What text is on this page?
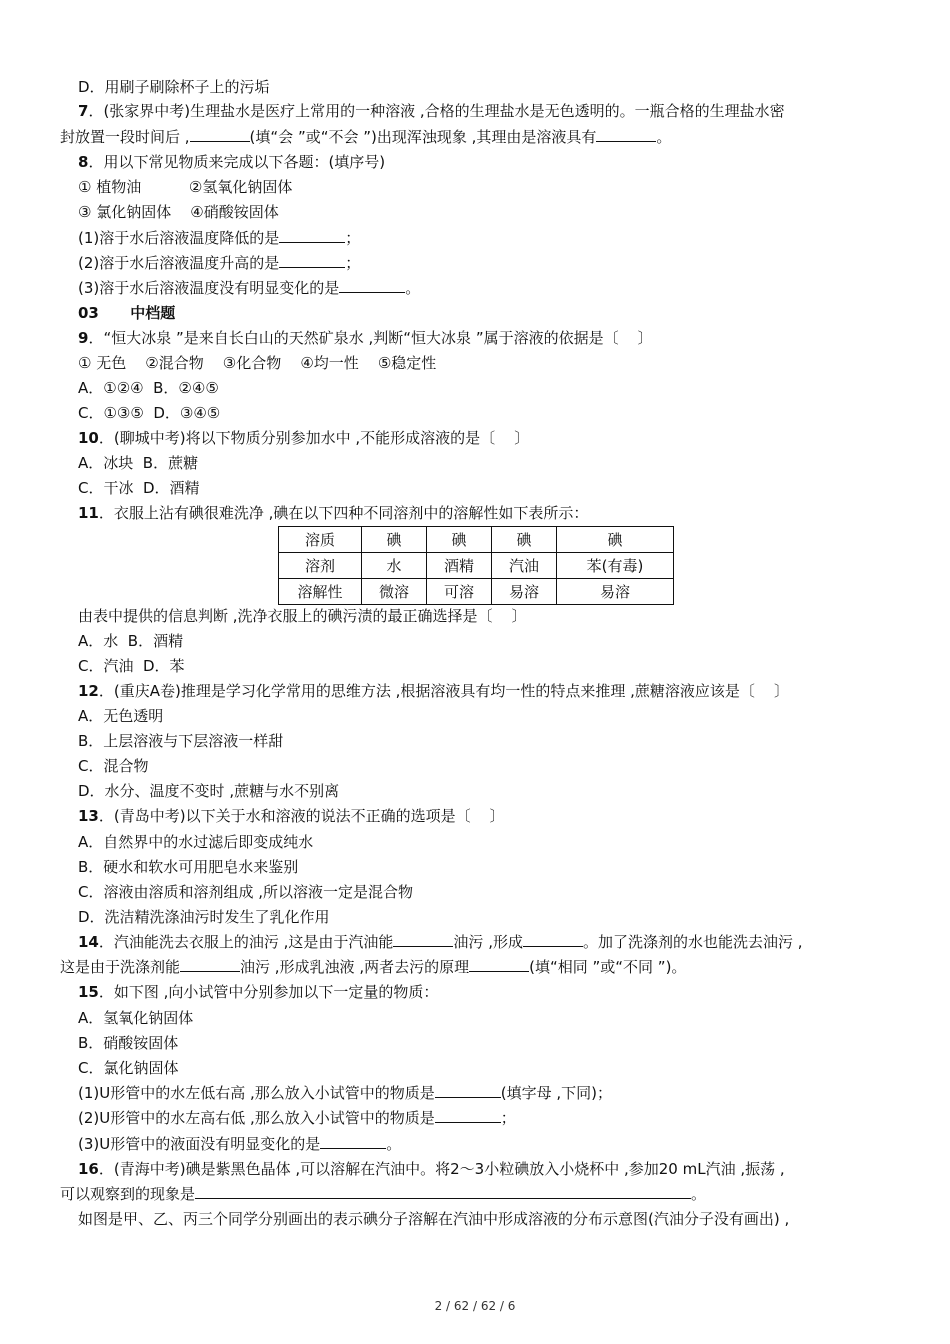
D．用刷子刷除杯子上的污垢
7．(张家界中考)生理盐水是医疗上常用的一种溶液 ,合格的生理盐水是无色透明的。一瓶合格的生理盐水密
封放置一段时间后 ,	(填“会 ”或“不会 ”)出现浑浊现象 ,其理由是溶液具有	。
8．用以下常见物质来完成以下各题：(填序号)
① 植物油          ②氢氧化钠固体
③ 氯化钠固体    ④硝酸铵固体
(1)溶于水后溶液温度降低的是	；
(2)溶于水后溶液温度升高的是	；
(3)溶于水后溶液温度没有明显变化的是	。
03      中档题
9．“恒大冰泉 ”是来自长白山的天然矿泉水 ,判断“恒大冰泉 ”属于溶液的依据是〔    〕
① 无色    ②混合物    ③化合物    ④均一性    ⑤稳定性
A．①②④  B．②④⑤
C．①③⑤  D．③④⑤
10．(聊城中考)将以下物质分别参加水中 ,不能形成溶液的是〔    〕
A．冰块  B．蔗糖
C．干冰  D．酒精
11．衣服上沾有碘很难洗净 ,碘在以下四种不同溶剂中的溶解性如下表所示：
溶质	碘	碘	碘	碘
溶剂	水	酒精	汽油	苯(有毒)
溶解性	微溶	可溶	易溶	易溶
由表中提供的信息判断 ,洗净衣服上的碘污渍的最正确选择是〔    〕
A．水  B．酒精
C．汽油  D．苯
12．(重庆A卷)推理是学习化学常用的思维方法 ,根据溶液具有均一性的特点来推理 ,蔗糖溶液应该是〔    〕
A．无色透明
B．上层溶液与下层溶液一样甜
C．混合物
D．水分、温度不变时 ,蔗糖与水不别离
13．(青岛中考)以下关于水和溶液的说法不正确的选项是〔    〕
A．自然界中的水过滤后即变成纯水
B．硬水和软水可用肥皂水来鉴别
C．溶液由溶质和溶剂组成 ,所以溶液一定是混合物
D．洗洁精洗涤油污时发生了乳化作用
14．汽油能洗去衣服上的油污 ,这是由于汽油能	油污 ,形成	。加了洗涤剂的水也能洗去油污 ,
这是由于洗涤剂能	油污 ,形成乳浊液 ,两者去污的原理	(填“相同 ”或“不同 ”)。
15．如下图 ,向小试管中分别参加以下一定量的物质：
A．氢氧化钠固体
B．硝酸铵固体
C．氯化钠固体
(1)U形管中的水左低右高 ,那么放入小试管中的物质是	(填字母 ,下同)；
(2)U形管中的水左高右低 ,那么放入小试管中的物质是	；
(3)U形管中的液面没有明显变化的是	。
16．(青海中考)碘是紫黑色晶体 ,可以溶解在汽油中。将2～3小粒碘放入小烧杯中 ,参加20 mL汽油 ,振荡 ,
可以观察到的现象是	。
如图是甲、乙、丙三个同学分别画出的表示碘分子溶解在汽油中形成溶液的分布示意图(汽油分子没有画出) ,
2 / 62 / 62 / 6
